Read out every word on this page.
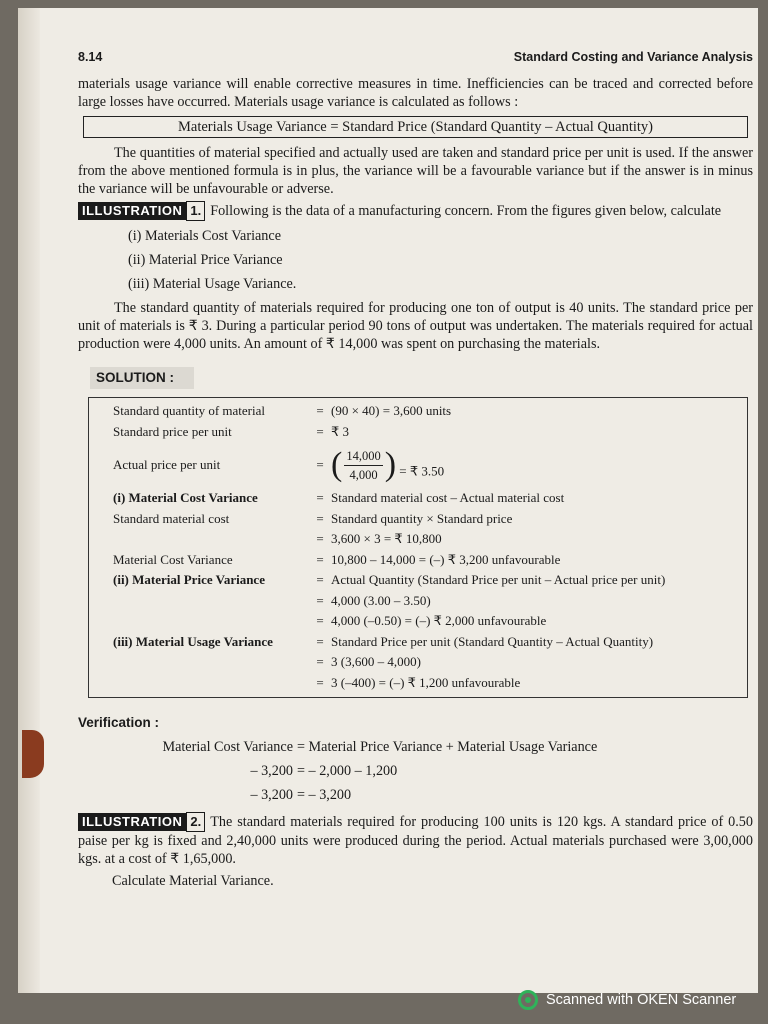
8.14	Standard Costing and Variance Analysis

materials usage variance will enable corrective measures in time. Inefficiencies can be traced and corrected before large losses have occurred. Materials usage variance is calculated as follows :

Materials Usage Variance = Standard Price (Standard Quantity – Actual Quantity)

The quantities of material specified and actually used are taken and standard price per unit is used. If the answer from the above mentioned formula is in plus, the variance will be a favourable variance but if the answer is in minus the variance will be unfavourable or adverse.

ILLUSTRATION 1. Following is the data of a manufacturing concern. From the figures given below, calculate

(i) Materials Cost Variance
(ii) Material Price Variance
(iii) Material Usage Variance.

The standard quantity of materials required for producing one ton of output is 40 units. The standard price per unit of materials is ₹ 3. During a particular period 90 tons of output was undertaken. The materials required for actual production were 4,000 units. An amount of ₹ 14,000 was spent on purchasing the materials.

SOLUTION :
Standard quantity of material	= (90 × 40) = 3,600 units
Standard price per unit	= ₹ 3
Actual price per unit	= ( $\frac{14,000}{4,000}$ ) = ₹ 3.50
(i) Material Cost Variance	= Standard material cost – Actual material cost
Standard material cost	= Standard quantity × Standard price
= 3,600 × 3 = ₹ 10,800
Material Cost Variance	= 10,800 – 14,000 = (–) ₹ 3,200 unfavourable
(ii) Material Price Variance	= Actual Quantity (Standard Price per unit – Actual price per unit)
= 4,000 (3.00 – 3.50)
= 4,000 (–0.50) = (–) ₹ 2,000 unfavourable
(iii) Material Usage Variance	= Standard Price per unit (Standard Quantity – Actual Quantity)
= 3 (3,600 – 4,000)
= 3 (–400) = (–) ₹ 1,200 unfavourable
Verification :
Material Cost Variance = Material Price Variance + Material Usage Variance
– 3,200 = – 2,000 – 1,200
– 3,200 = – 3,200

ILLUSTRATION 2. The standard materials required for producing 100 units is 120 kgs. A standard price of 0.50 paise per kg is fixed and 2,40,000 units were produced during the period. Actual materials purchased were 3,00,000 kgs. at a cost of ₹ 1,65,000.

Calculate Material Variance.

Scanned with OKEN Scanner
